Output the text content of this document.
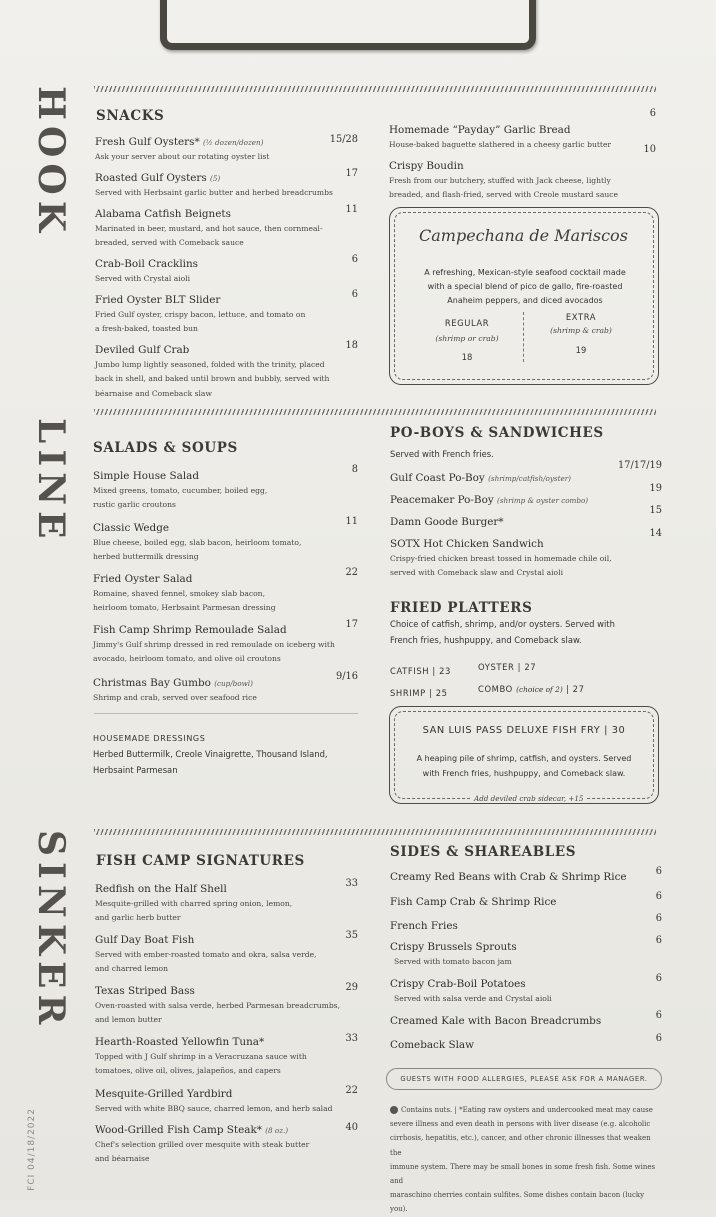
HOOK
LINE
SINKER
FCI 04/18/2022
SNACKS
Fresh Gulf Oysters* (½ dozen/dozen)
Ask your server about our rotating oyster list
15/28
Roasted Gulf Oysters (5)
Served with Herbsaint garlic butter and herbed breadcrumbs
17
Alabama Catfish Beignets
Marinated in beer, mustard, and hot sauce, then cornmeal-
breaded, served with Comeback sauce
11
Crab-Boil Cracklins
Served with Crystal aioli
6
Fried Oyster BLT Slider
Fried Gulf oyster, crispy bacon, lettuce, and tomato on
a fresh-baked, toasted bun
6
Deviled Gulf Crab
Jumbo lump lightly seasoned, folded with the trinity, placed
back in shell, and baked until brown and bubbly, served with
béarnaise and Comeback slaw
18
Homemade “Payday” Garlic Bread
House-baked baguette slathered in a cheesy garlic butter
6
Crispy Boudin
Fresh from our butchery, stuffed with Jack cheese, lightly
breaded, and flash-fried, served with Creole mustard sauce
10
Campechana de Mariscos
A refreshing, Mexican-style seafood cocktail made
with a special blend of pico de gallo, fire-roasted
Anaheim peppers, and diced avocados
REGULAR
(shrimp or crab)
18
EXTRA
(shrimp & crab)
19
SALADS & SOUPS
Simple House Salad
Mixed greens, tomato, cucumber, boiled egg,
rustic garlic croutons
8
Classic Wedge
Blue cheese, boiled egg, slab bacon, heirloom tomato,
herbed buttermilk dressing
11
Fried Oyster Salad
Romaine, shaved fennel, smokey slab bacon,
heirloom tomato, Herbsaint Parmesan dressing
22
Fish Camp Shrimp Remoulade Salad
Jimmy's Gulf shrimp dressed in red remoulade on iceberg with
avocado, heirloom tomato, and olive oil croutons
17
Christmas Bay Gumbo (cup/bowl)
Shrimp and crab, served over seafood rice
9/16
HOUSEMADE DRESSINGS
Herbed Buttermilk, Creole Vinaigrette, Thousand Island,
Herbsaint Parmesan
PO-BOYS & SANDWICHES
Served with French fries.
Gulf Coast Po-Boy (shrimp/catfish/oyster)
17/17/19
Peacemaker Po-Boy (shrimp & oyster combo)
19
Damn Goode Burger*
15
SOTX Hot Chicken Sandwich
Crispy-fried chicken breast tossed in homemade chile oil,
served with Comeback slaw and Crystal aioli
14
FRIED PLATTERS
Choice of catfish, shrimp, and/or oysters. Served with
French fries, hushpuppy, and Comeback slaw.
CATFISH | 23	OYSTER | 27
SHRIMP | 25	COMBO (choice of 2) | 27
SAN LUIS PASS DELUXE FISH FRY | 30
A heaping pile of shrimp, catfish, and oysters. Served
with French fries, hushpuppy, and Comeback slaw.
Add deviled crab sidecar, +15
FISH CAMP SIGNATURES
Redfish on the Half Shell
Mesquite-grilled with charred spring onion, lemon,
and garlic herb butter
33
Gulf Day Boat Fish
Served with ember-roasted tomato and okra, salsa verde,
and charred lemon
35
Texas Striped Bass
Oven-roasted with salsa verde, herbed Parmesan breadcrumbs,
and lemon butter
29
Hearth-Roasted Yellowfin Tuna*
Topped with J Gulf shrimp in a Veracruzana sauce with
tomatoes, olive oil, olives, jalapeños, and capers
33
Mesquite-Grilled Yardbird
Served with white BBQ sauce, charred lemon, and herb salad
22
Wood-Grilled Fish Camp Steak* (8 oz.)
Chef's selection grilled over mesquite with steak butter
and béarnaise
40
SIDES & SHAREABLES
Creamy Red Beans with Crab & Shrimp Rice	6
Fish Camp Crab & Shrimp Rice	6
French Fries
6
Crispy Brussels Sprouts
Served with tomato bacon jam
6
Crispy Crab-Boil Potatoes
Served with salsa verde and Crystal aioli
6
Creamed Kale with Bacon Breadcrumbs	6
Comeback Slaw
6
GUESTS WITH FOOD ALLERGIES, PLEASE ASK FOR A MANAGER.
Contains nuts. | *Eating raw oysters and undercooked meat may cause
severe illness and even death in persons with liver disease (e.g. alcoholic
cirrhosis, hepatitis, etc.), cancer, and other chronic illnesses that weaken the
immune system. There may be small bones in some fresh fish. Some wines and
maraschino cherries contain sulfites. Some dishes contain bacon (lucky you).
